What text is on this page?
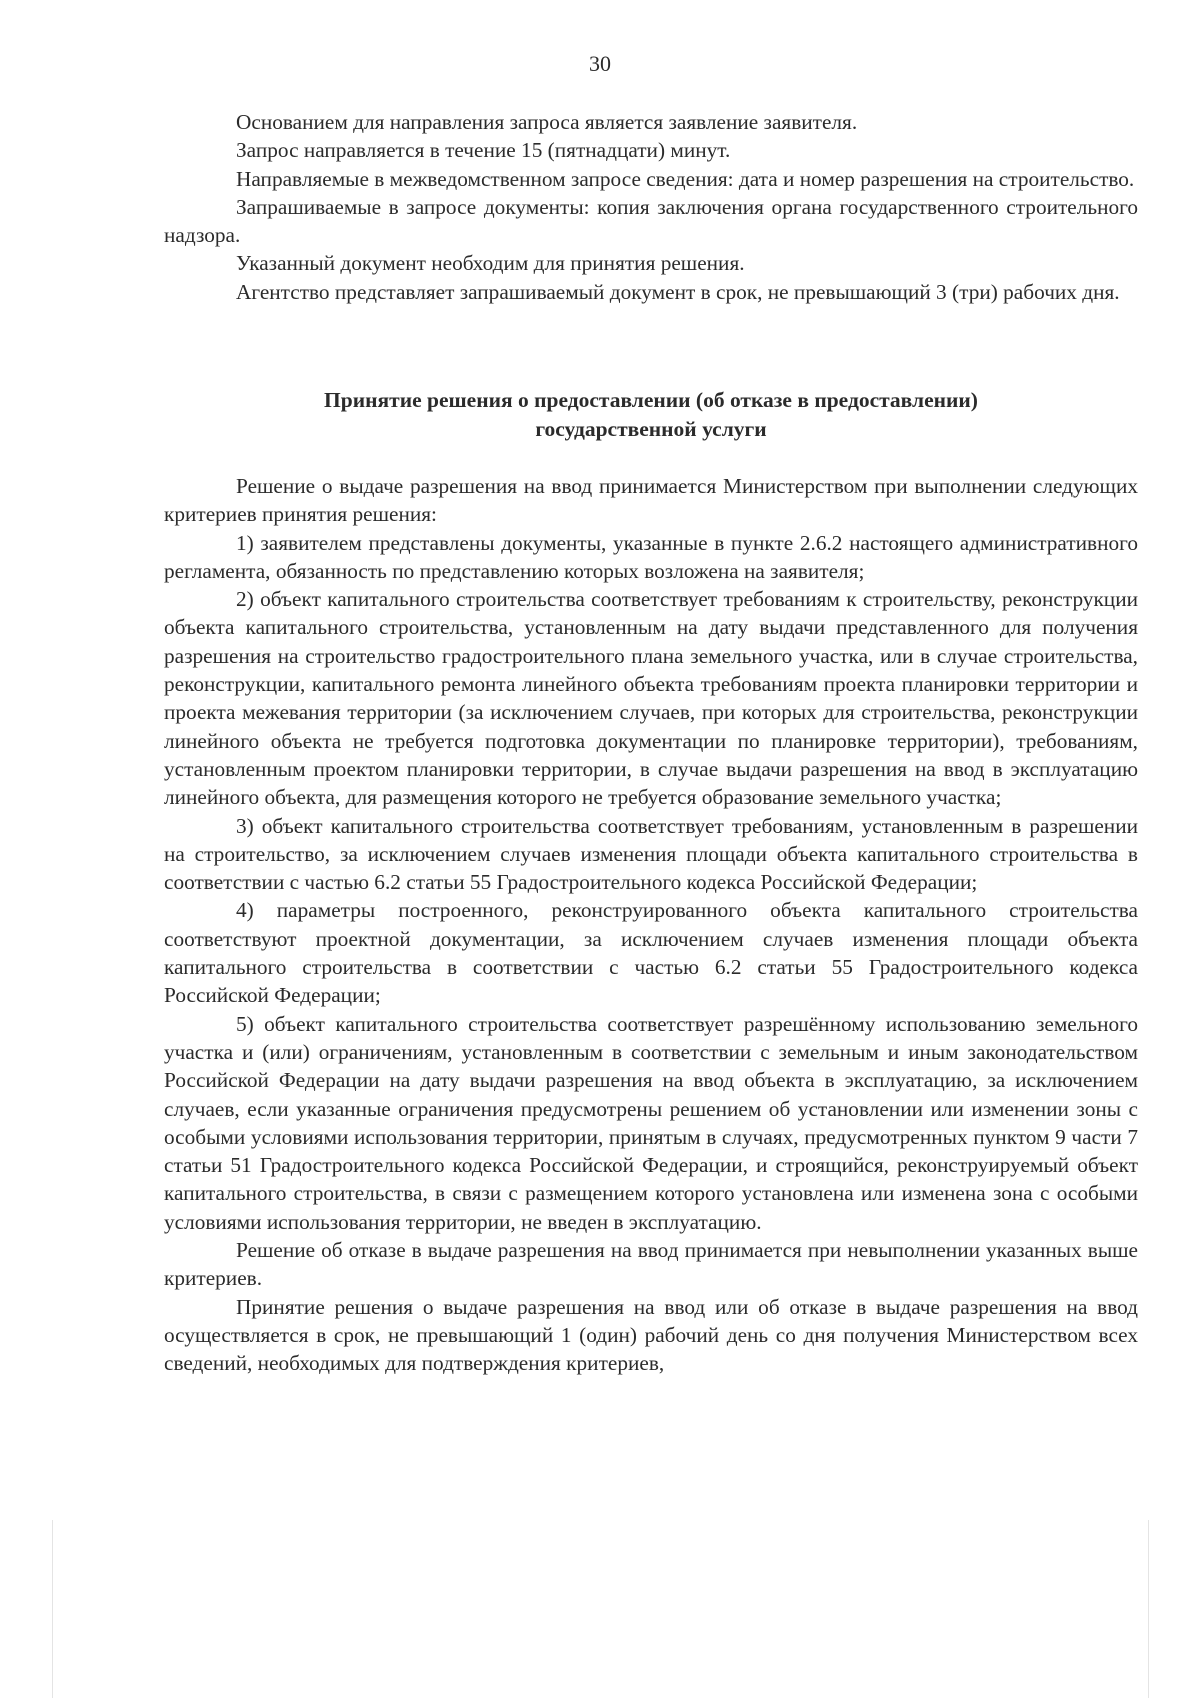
30

Основанием для направления запроса является заявление заявителя.

Запрос направляется в течение 15 (пятнадцати) минут.

Направляемые в межведомственном запросе сведения: дата и номер разрешения на строительство.

Запрашиваемые в запросе документы: копия заключения органа государственного строительного надзора.

Указанный документ необходим для принятия решения.

Агентство представляет запрашиваемый документ в срок, не превышающий 3 (три) рабочих дня.

Принятие решения о предоставлении (об отказе в предоставлении)
государственной услуги

Решение о выдаче разрешения на ввод принимается Министерством при выполнении следующих критериев принятия решения:

1) заявителем представлены документы, указанные в пункте 2.6.2 настоящего административного регламента, обязанность по представлению которых возложена на заявителя;

2) объект капитального строительства соответствует требованиям к строительству, реконструкции объекта капитального строительства, установленным на дату выдачи представленного для получения разрешения на строительство градостроительного плана земельного участка, или в случае строительства, реконструкции, капитального ремонта линейного объекта требованиям проекта планировки территории и проекта межевания территории (за исключением случаев, при которых для строительства, реконструкции линейного объекта не требуется подготовка документации по планировке территории), требованиям, установленным проектом планировки территории, в случае выдачи разрешения на ввод в эксплуатацию линейного объекта, для размещения которого не требуется образование земельного участка;

3) объект капитального строительства соответствует требованиям, установленным в разрешении на строительство, за исключением случаев изменения площади объекта капитального строительства в соответствии с частью 6.2 статьи 55 Градостроительного кодекса Российской Федерации;

4) параметры построенного, реконструированного объекта капитального строительства соответствуют проектной документации, за исключением случаев изменения площади объекта капитального строительства в соответствии с частью 6.2 статьи 55 Градостроительного кодекса Российской Федерации;

5) объект капитального строительства соответствует разрешённому использованию земельного участка и (или) ограничениям, установленным в соответствии с земельным и иным законодательством Российской Федерации на дату выдачи разрешения на ввод объекта в эксплуатацию, за исключением случаев, если указанные ограничения предусмотрены решением об установлении или изменении зоны с особыми условиями использования территории, принятым в случаях, предусмотренных пунктом 9 части 7 статьи 51 Градостроительного кодекса Российской Федерации, и строящийся, реконструируемый объект капитального строительства, в связи с размещением которого установлена или изменена зона с особыми условиями использования территории, не введен в эксплуатацию.

Решение об отказе в выдаче разрешения на ввод принимается при невыполнении указанных выше критериев.

Принятие решения о выдаче разрешения на ввод или об отказе в выдаче разрешения на ввод осуществляется в срок, не превышающий 1 (один) рабочий день со дня получения Министерством всех сведений, необходимых для подтверждения критериев,
